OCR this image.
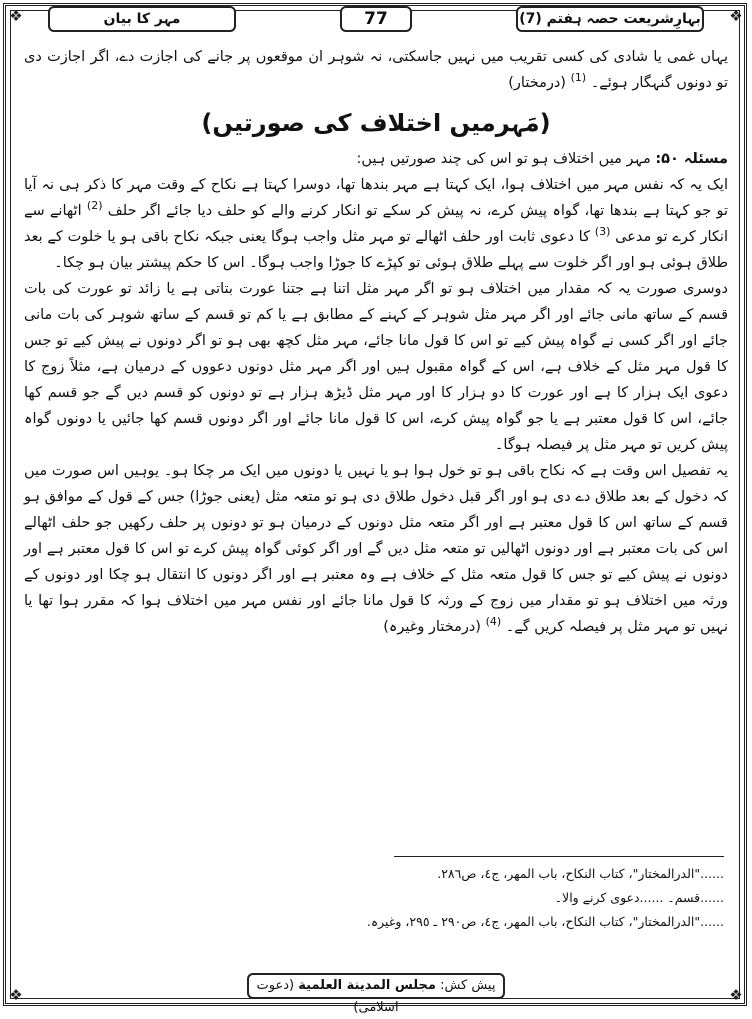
❖	❖
❖	❖
بہارِشریعت حصہ ہفتم (7)
77
مہر کا بیان

یہاں غمی یا شادی کی کسی تقریب میں نہیں جاسکتی، نہ شوہر ان موقعوں پر جانے کی اجازت دے، اگر اجازت دی تو دونوں گنہگار ہوئے۔ $^{(1)}$ (درمختار)

(مَہرمیں اختلاف کی صورتیں)

مسئلہ ۵۰: مہر میں اختلاف ہو تو اس کی چند صورتیں ہیں:

ایک یہ کہ نفس مہر میں اختلاف ہوا، ایک کہتا ہے مہر بندھا تھا، دوسرا کہتا ہے نکاح کے وقت مہر کا ذکر ہی نہ آیا تو جو کہتا ہے بندھا تھا، گواہ پیش کرے، نہ پیش کر سکے تو انکار کرنے والے کو حلف دیا جائے اگر حلف $^{(2)}$ اٹھانے سے انکار کرے تو مدعی $^{(3)}$ کا دعوی ثابت اور حلف اٹھالے تو مہر مثل واجب ہوگا یعنی جبکہ نکاح باقی ہو یا خلوت کے بعد طلاق ہوئی ہو اور اگر خلوت سے پہلے طلاق ہوئی تو کپڑے کا جوڑا واجب ہوگا۔ اس کا حکم پیشتر بیان ہو چکا۔

دوسری صورت یہ کہ مقدار میں اختلاف ہو تو اگر مہر مثل اتنا ہے جتنا عورت بتاتی ہے یا زائد تو عورت کی بات قسم کے ساتھ مانی جائے اور اگر مہر مثل شوہر کے کہنے کے مطابق ہے یا کم تو قسم کے ساتھ شوہر کی بات مانی جائے اور اگر کسی نے گواہ پیش کیے تو اس کا قول مانا جائے، مہر مثل کچھ بھی ہو تو اگر دونوں نے پیش کیے تو جس کا قول مہر مثل کے خلاف ہے، اس کے گواہ مقبول ہیں اور اگر مہر مثل دونوں دعووں کے درمیان ہے، مثلاً زوج کا دعوی ایک ہزار کا ہے اور عورت کا دو ہزار کا اور مہر مثل ڈیڑھ ہزار ہے تو دونوں کو قسم دیں گے جو قسم کھا جائے، اس کا قول معتبر ہے یا جو گواہ پیش کرے، اس کا قول مانا جائے اور اگر دونوں قسم کھا جائیں یا دونوں گواہ پیش کریں تو مہر مثل پر فیصلہ ہوگا۔

یہ تفصیل اس وقت ہے کہ نکاح باقی ہو تو خول ہوا ہو یا نہیں یا دونوں میں ایک مر چکا ہو۔ یوہیں اس صورت میں کہ دخول کے بعد طلاق دے دی ہو اور اگر قبل دخول طلاق دی ہو تو متعہ مثل (یعنی جوڑا) جس کے قول کے موافق ہو قسم کے ساتھ اس کا قول معتبر ہے اور اگر متعہ مثل دونوں کے درمیان ہو تو دونوں پر حلف رکھیں جو حلف اٹھالے اس کی بات معتبر ہے اور دونوں اٹھالیں تو متعہ مثل دیں گے اور اگر کوئی گواہ پیش کرے تو اس کا قول معتبر ہے اور دونوں نے پیش کیے تو جس کا قول متعہ مثل کے خلاف ہے وہ معتبر ہے اور اگر دونوں کا انتقال ہو چکا اور دونوں کے ورثہ میں اختلاف ہو تو مقدار میں زوج کے ورثہ کا قول مانا جائے اور نفس مہر میں اختلاف ہوا کہ مقرر ہوا تھا یا نہیں تو مہر مثل پر فیصلہ کریں گے۔ $^{(4)}$ (درمختار وغیرہ)

......"الدرالمختار"، کتاب النکاح، باب المھر، ج٤، ص٢٨٦.
......قسم۔ ......دعوی کرنے والا۔
......"الدرالمختار"، کتاب النکاح، باب المھر، ج٤، ص٢٩٠ ـ ٢٩٥، وغیرہ.
پیش کش: مجلس المدينة العلمية (دعوت اسلامی)
